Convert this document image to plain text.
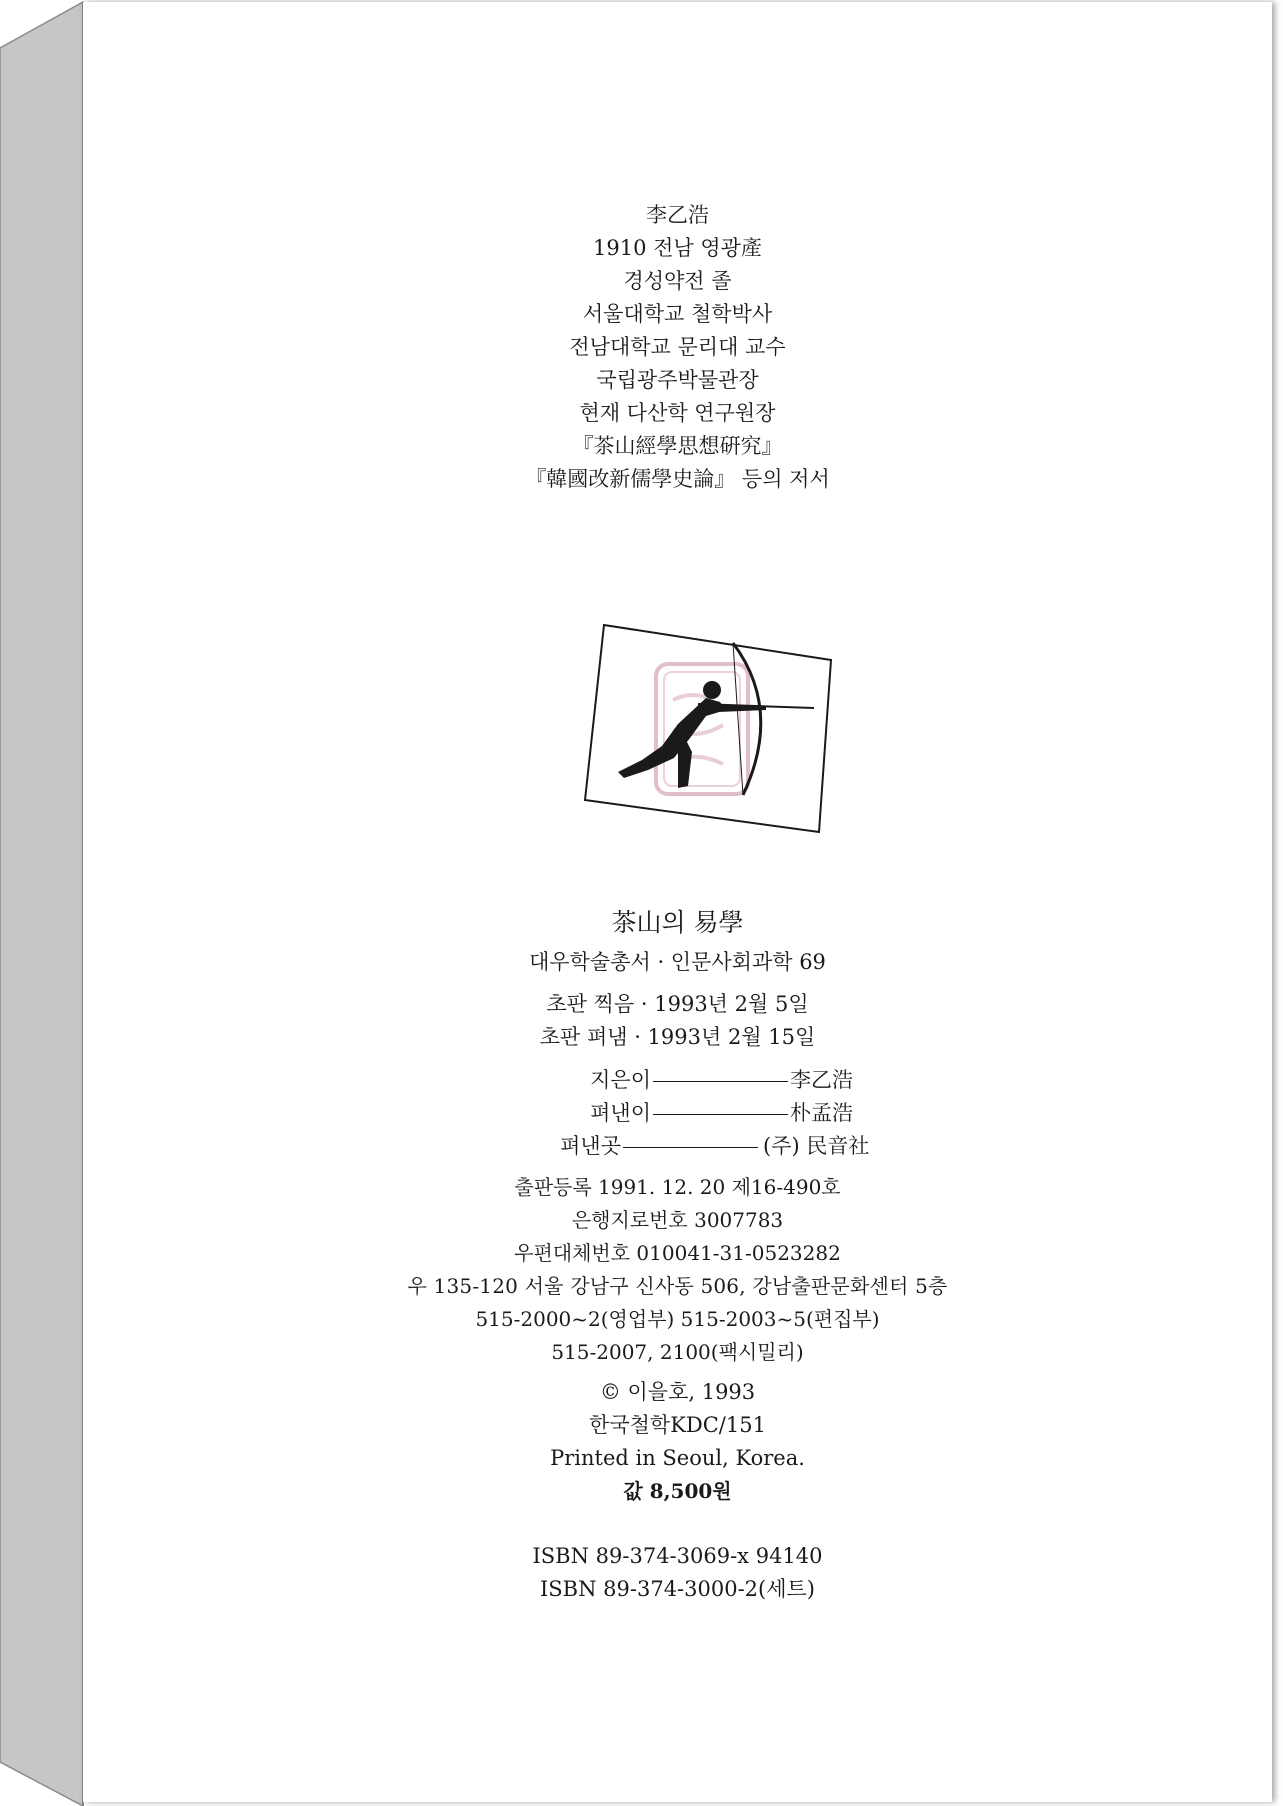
李乙浩
1910 전남 영광產
경성약전 졸
서울대학교 철학박사
전남대학교 문리대 교수
국립광주박물관장
현재 다산학 연구원장
『茶山經學思想硏究』
『韓國改新儒學史論』 등의 저서
茶山의 易學
대우학술총서 · 인문사회과학 69
초판 찍음 · 1993년 2월 5일
초판 펴냄 · 1993년 2월 15일
지은이	李乙浩
펴낸이	朴孟浩
펴낸곳	(주) 民音社
출판등록 1991. 12. 20 제16-490호
은행지로번호 3007783
우편대체번호 010041-31-0523282
우 135-120 서울 강남구 신사동 506, 강남출판문화센터 5층
515-2000~2(영업부) 515-2003~5(편집부)
515-2007, 2100(팩시밀리)
© 이을호, 1993
한국철학KDC/151
Printed in Seoul, Korea.
값 8,500원
ISBN 89-374-3069-x 94140
ISBN 89-374-3000-2(세트)
